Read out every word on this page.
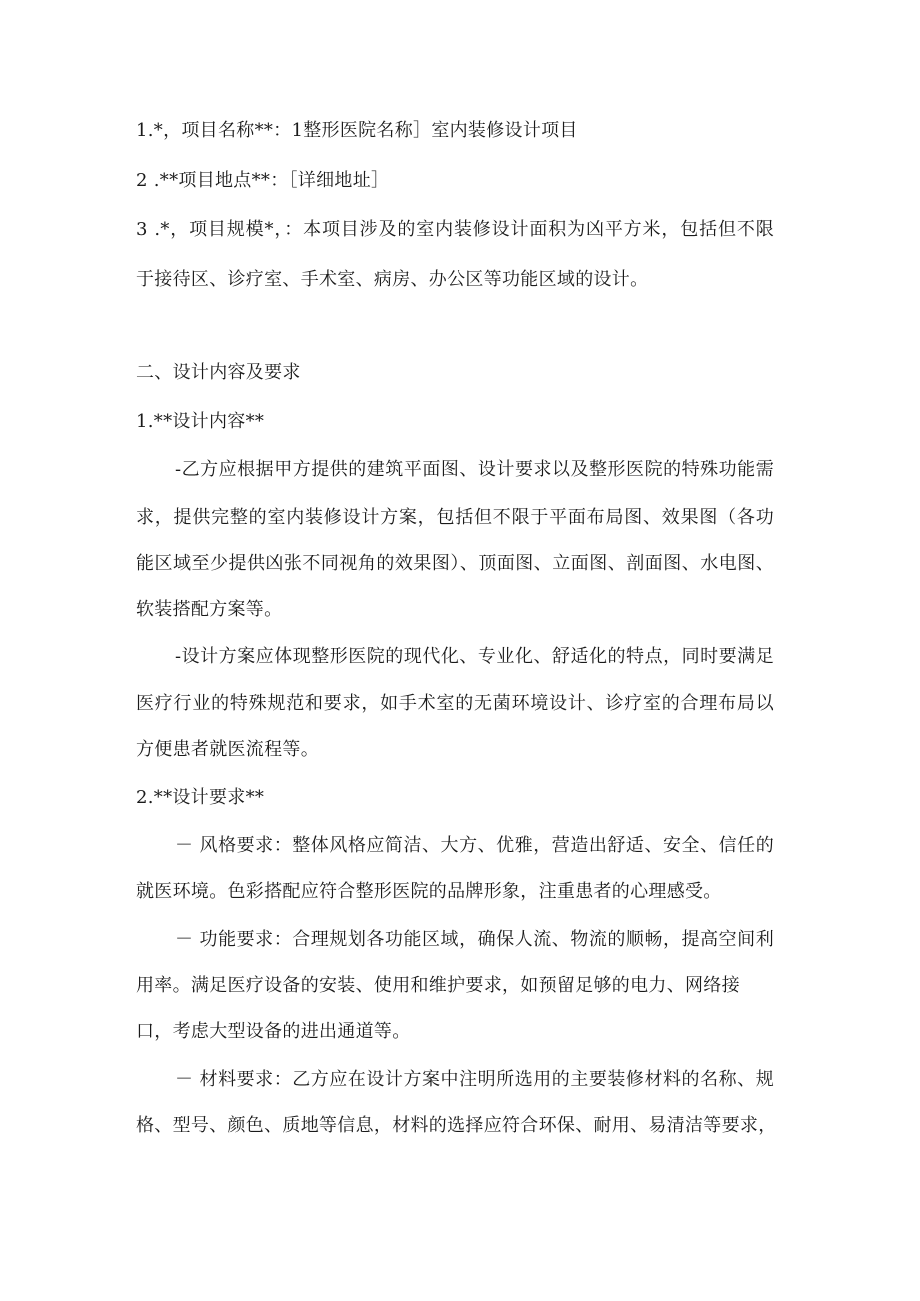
1.*，项目名称**：1整形医院名称］室内装修设计项目
2 .**项目地点**：［详细地址］
3 .*，项目规模*，：本项目涉及的室内装修设计面积为凶平方米，包括但不限
于接待区、诊疗室、手术室、病房、办公区等功能区域的设计。
二、设计内容及要求
1.**设计内容**
-乙方应根据甲方提供的建筑平面图、设计要求以及整形医院的特殊功能需
求，提供完整的室内装修设计方案，包括但不限于平面布局图、效果图（各功
能区域至少提供凶张不同视角的效果图）、顶面图、立面图、剖面图、水电图、
软装搭配方案等。
-设计方案应体现整形医院的现代化、专业化、舒适化的特点，同时要满足
医疗行业的特殊规范和要求，如手术室的无菌环境设计、诊疗室的合理布局以
方便患者就医流程等。
2.**设计要求**
－ 风格要求：整体风格应简洁、大方、优雅，营造出舒适、安全、信任的
就医环境。色彩搭配应符合整形医院的品牌形象，注重患者的心理感受。
－ 功能要求：合理规划各功能区域，确保人流、物流的顺畅，提高空间利
用率。满足医疗设备的安装、使用和维护要求，如预留足够的电力、网络接
口，考虑大型设备的进出通道等。
－ 材料要求：乙方应在设计方案中注明所选用的主要装修材料的名称、规
格、型号、颜色、质地等信息，材料的选择应符合环保、耐用、易清洁等要求，
